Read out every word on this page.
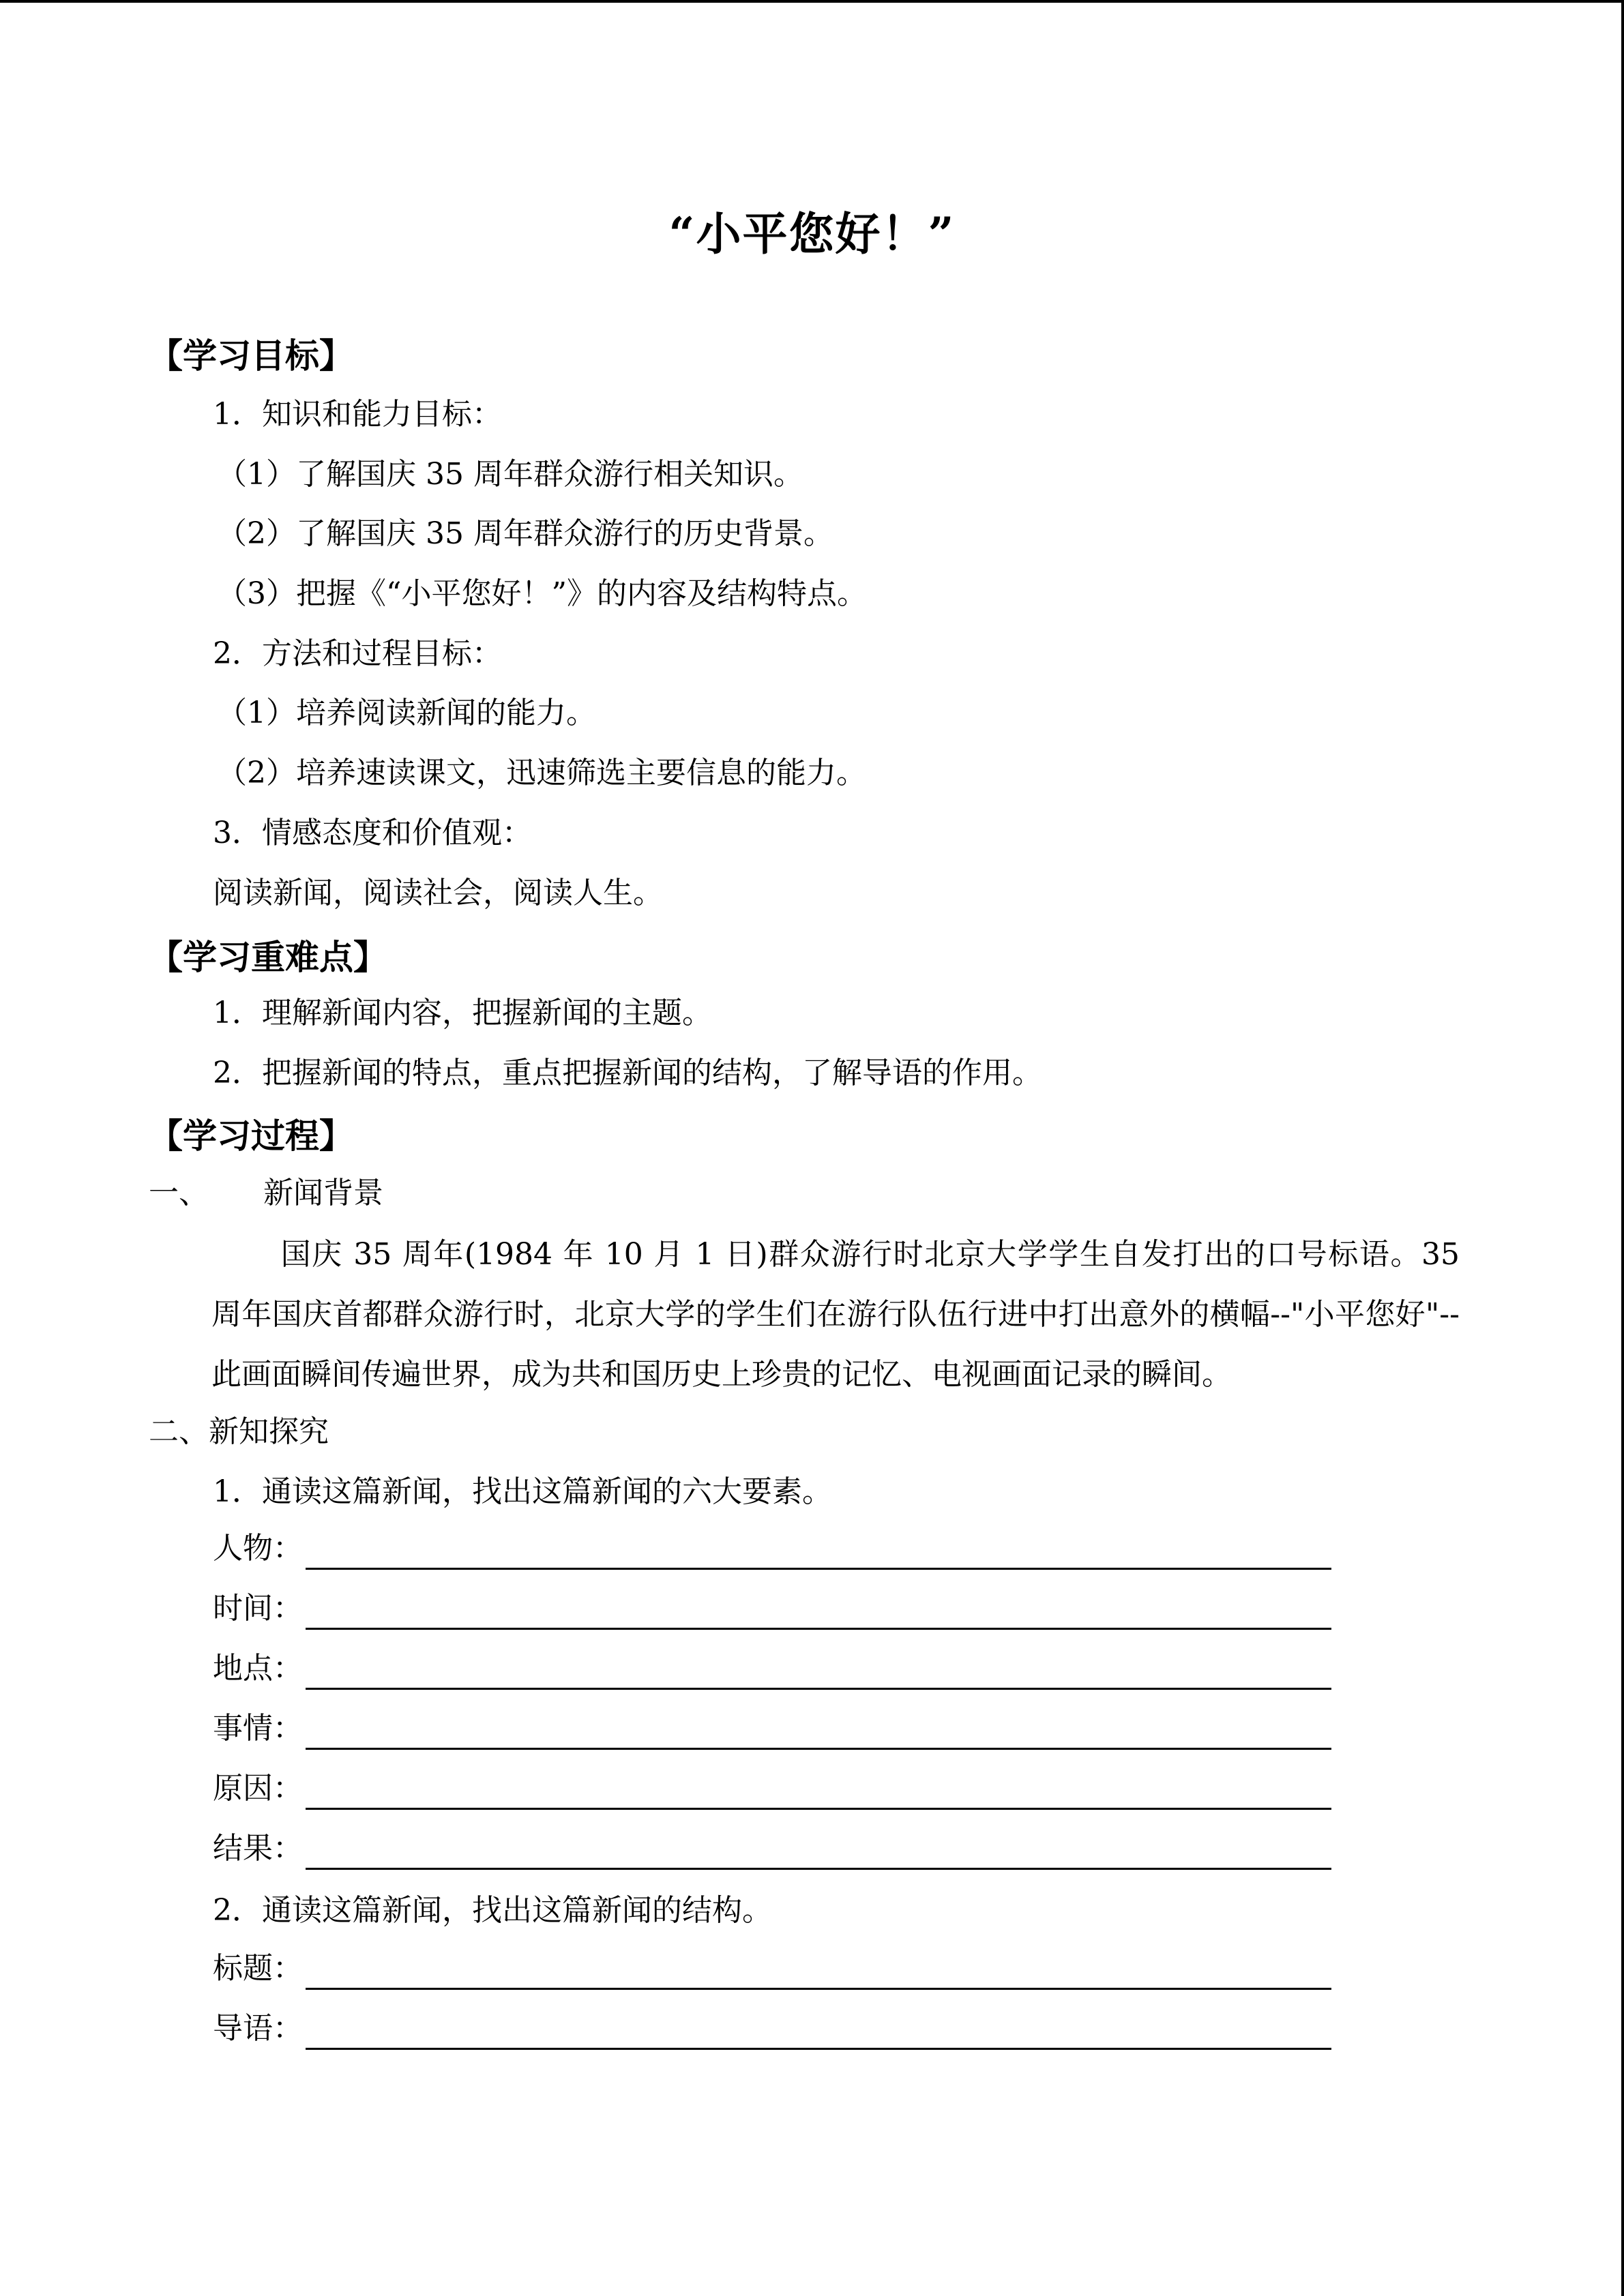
“小平您好！”
【学习目标】
1．知识和能力目标：
（1）了解国庆 35 周年群众游行相关知识。
（2）了解国庆 35 周年群众游行的历史背景。
（3）把握《“小平您好！”》的内容及结构特点。
2．方法和过程目标：
（1）培养阅读新闻的能力。
（2）培养速读课文，迅速筛选主要信息的能力。
3．情感态度和价值观：
阅读新闻，阅读社会，阅读人生。
【学习重难点】
1．理解新闻内容，把握新闻的主题。
2．把握新闻的特点，重点把握新闻的结构，了解导语的作用。
【学习过程】
一、 新闻背景
国庆 35 周年(1984 年 10 月 1 日)群众游行时北京大学学生自发打出的口号标语。35 周年国庆首都群众游行时，北京大学的学生们在游行队伍行进中打出意外的横幅--"小平您好"--此画面瞬间传遍世界，成为共和国历史上珍贵的记忆、电视画面记录的瞬间。
二、新知探究
1．通读这篇新闻，找出这篇新闻的六大要素。
人物：
时间：
地点：
事情：
原因：
结果：
2．通读这篇新闻，找出这篇新闻的结构。
标题：
导语：
